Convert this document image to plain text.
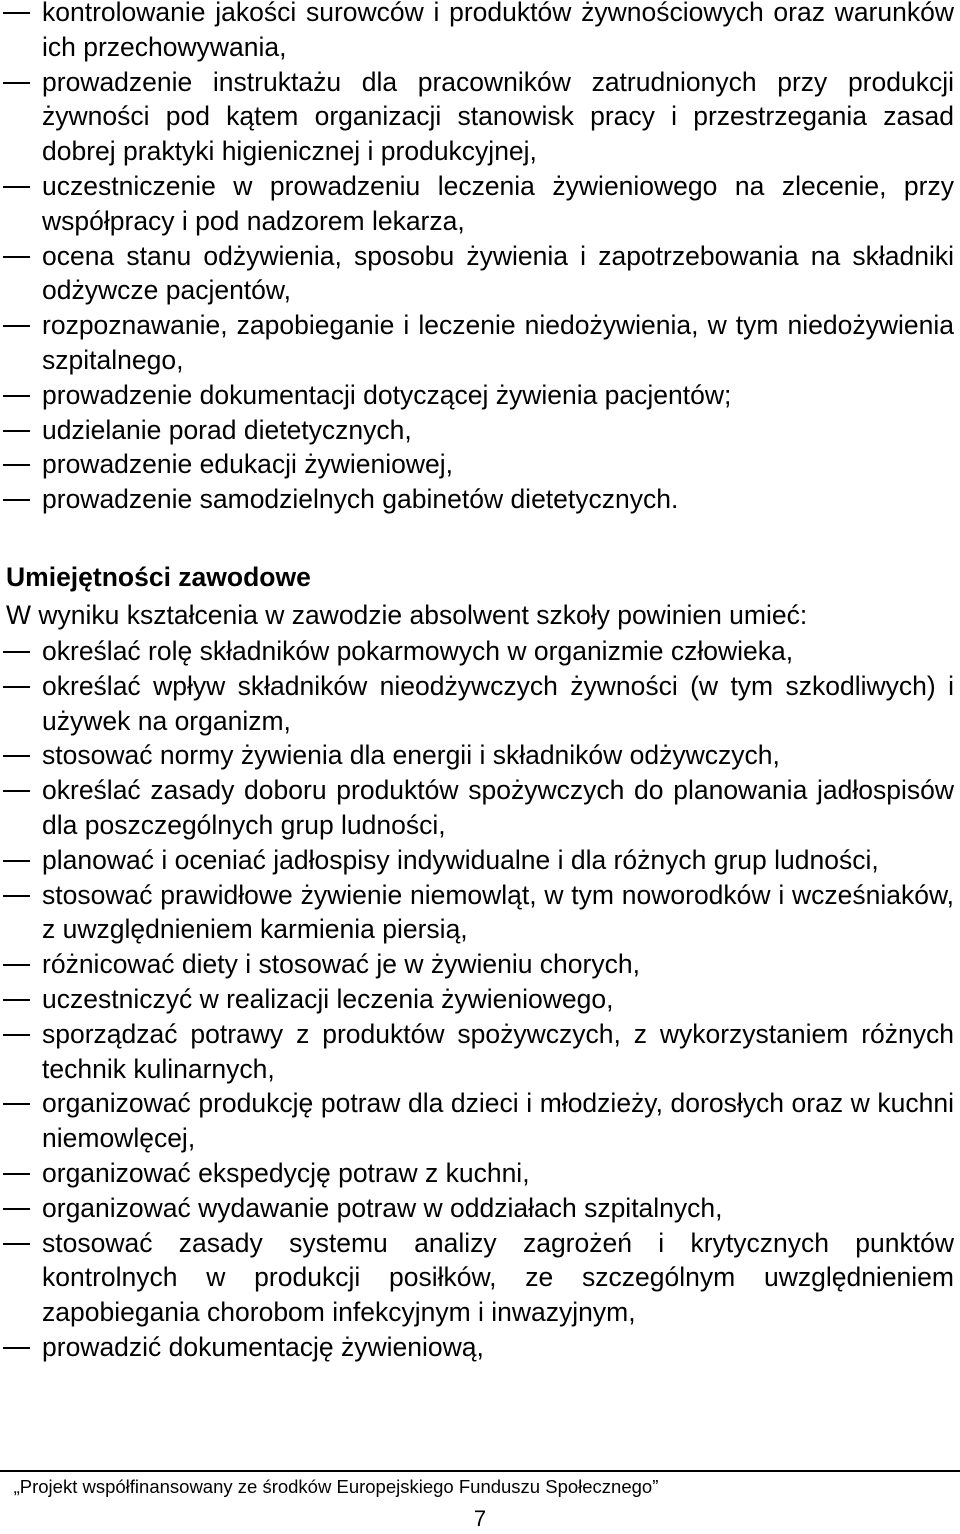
kontrolowanie jakości surowców i produktów żywnościowych oraz warunków ich przechowywania,
prowadzenie instruktażu dla pracowników zatrudnionych przy produkcji żywności pod kątem organizacji stanowisk pracy i przestrzegania zasad dobrej praktyki higienicznej i produkcyjnej,
uczestniczenie w prowadzeniu leczenia żywieniowego na zlecenie, przy współpracy i pod nadzorem lekarza,
ocena stanu odżywienia, sposobu żywienia i zapotrzebowania na składniki odżywcze pacjentów,
rozpoznawanie, zapobieganie i leczenie niedożywienia, w tym niedożywienia szpitalnego,
prowadzenie dokumentacji dotyczącej żywienia pacjentów;
udzielanie porad dietetycznych,
prowadzenie edukacji żywieniowej,
prowadzenie samodzielnych gabinetów dietetycznych.
Umiejętności zawodowe

W wyniku kształcenia w zawodzie absolwent szkoły powinien umieć:

określać rolę składników pokarmowych w organizmie człowieka,
określać wpływ składników nieodżywczych żywności (w tym szkodliwych) i używek na organizm,
stosować normy żywienia dla energii i składników odżywczych,
określać zasady doboru produktów spożywczych do planowania jadłospisów dla poszczególnych grup ludności,
planować i oceniać jadłospisy indywidualne i dla różnych grup ludności,
stosować prawidłowe żywienie niemowląt, w tym noworodków i wcześniaków, z uwzględnieniem karmienia piersią,
różnicować diety i stosować je w żywieniu chorych,
uczestniczyć w realizacji leczenia żywieniowego,
sporządzać potrawy z produktów spożywczych, z wykorzystaniem różnych technik kulinarnych,
organizować produkcję potraw dla dzieci i młodzieży, dorosłych oraz w kuchni niemowlęcej,
organizować ekspedycję potraw z kuchni,
organizować wydawanie potraw w oddziałach szpitalnych,
stosować zasady systemu analizy zagrożeń i krytycznych punktów kontrolnych w produkcji posiłków, ze szczególnym uwzględnieniem zapobiegania chorobom infekcyjnym i inwazyjnym,
prowadzić dokumentację żywieniową,
„Projekt współfinansowany ze środków Europejskiego Funduszu Społecznego”
7
